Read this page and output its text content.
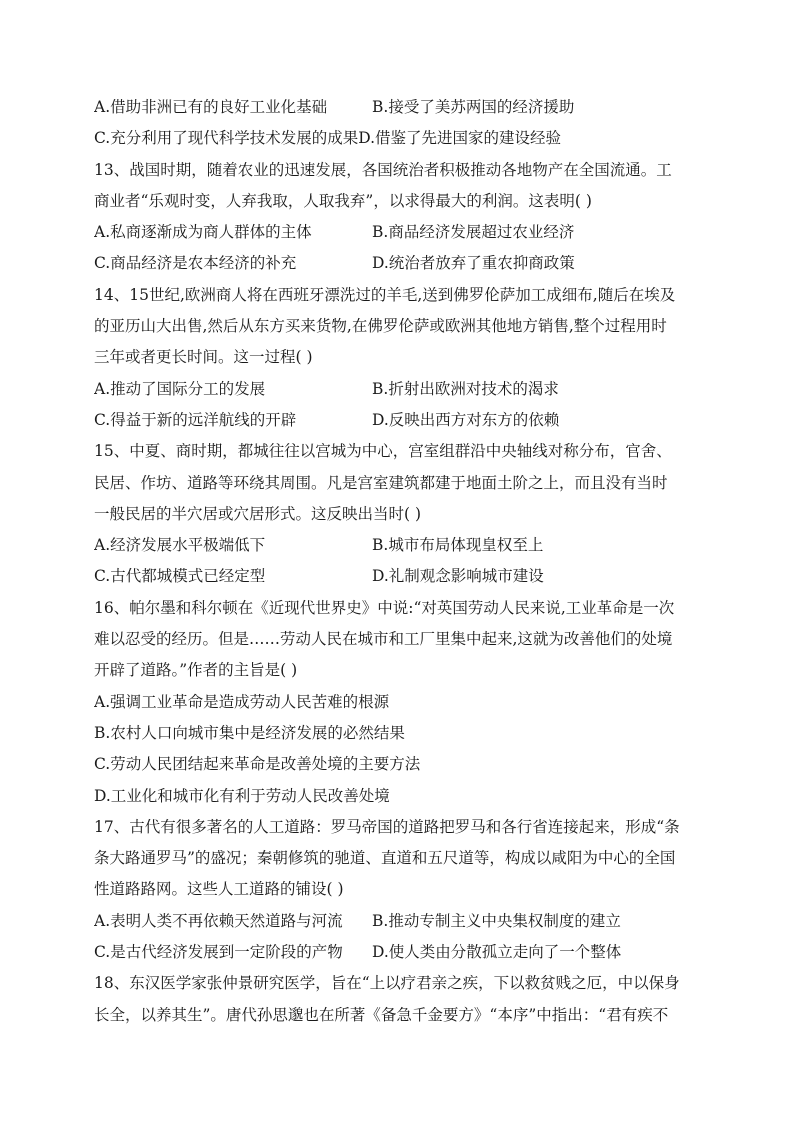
A.借助非洲已有的良好工业化基础	B.接受了美苏两国的经济援助
C.充分利用了现代科学技术发展的成果 D.借鉴了先进国家的建设经验
13、战国时期，随着农业的迅速发展，各国统治者积极推动各地物产在全国流通。工
商业者“乐观时变，人弃我取，人取我弃”，以求得最大的利润。这表明( )
A.私商逐渐成为商人群体的主体	B.商品经济发展超过农业经济
C.商品经济是农本经济的补充	D.统治者放弃了重农抑商政策
14、15世纪,欧洲商人将在西班牙漂洗过的羊毛,送到佛罗伦萨加工成细布,随后在埃及
的亚历山大出售,然后从东方买来货物,在佛罗伦萨或欧洲其他地方销售,整个过程用时
三年或者更长时间。这一过程( )
A.推动了国际分工的发展	B.折射出欧洲对技术的渴求
C.得益于新的远洋航线的开辟	D.反映出西方对东方的依赖
15、中夏、商时期，都城往往以宫城为中心，宫室组群沿中央轴线对称分布，官舍、
民居、作坊、道路等环绕其周围。凡是宫室建筑都建于地面土阶之上，而且没有当时
一般民居的半穴居或穴居形式。这反映出当时( )
A.经济发展水平极端低下	B.城市布局体现皇权至上
C.古代都城模式已经定型	D.礼制观念影响城市建设
16、帕尔墨和科尔顿在《近现代世界史》中说:“对英国劳动人民来说,工业革命是一次
难以忍受的经历。但是……劳动人民在城市和工厂里集中起来,这就为改善他们的处境
开辟了道路。”作者的主旨是( )
A.强调工业革命是造成劳动人民苦难的根源
B.农村人口向城市集中是经济发展的必然结果
C.劳动人民团结起来革命是改善处境的主要方法
D.工业化和城市化有利于劳动人民改善处境
17、古代有很多著名的人工道路：罗马帝国的道路把罗马和各行省连接起来，形成“条
条大路通罗马”的盛况；秦朝修筑的驰道、直道和五尺道等，构成以咸阳为中心的全国
性道路路网。这些人工道路的铺设( )
A.表明人类不再依赖天然道路与河流	B.推动专制主义中央集权制度的建立
C.是古代经济发展到一定阶段的产物	D.使人类由分散孤立走向了一个整体
18、东汉医学家张仲景研究医学，旨在“上以疗君亲之疾，下以救贫贱之厄，中以保身
长全，以养其生”。唐代孙思邈也在所著《备急千金要方》“本序”中指出：“君有疾不
